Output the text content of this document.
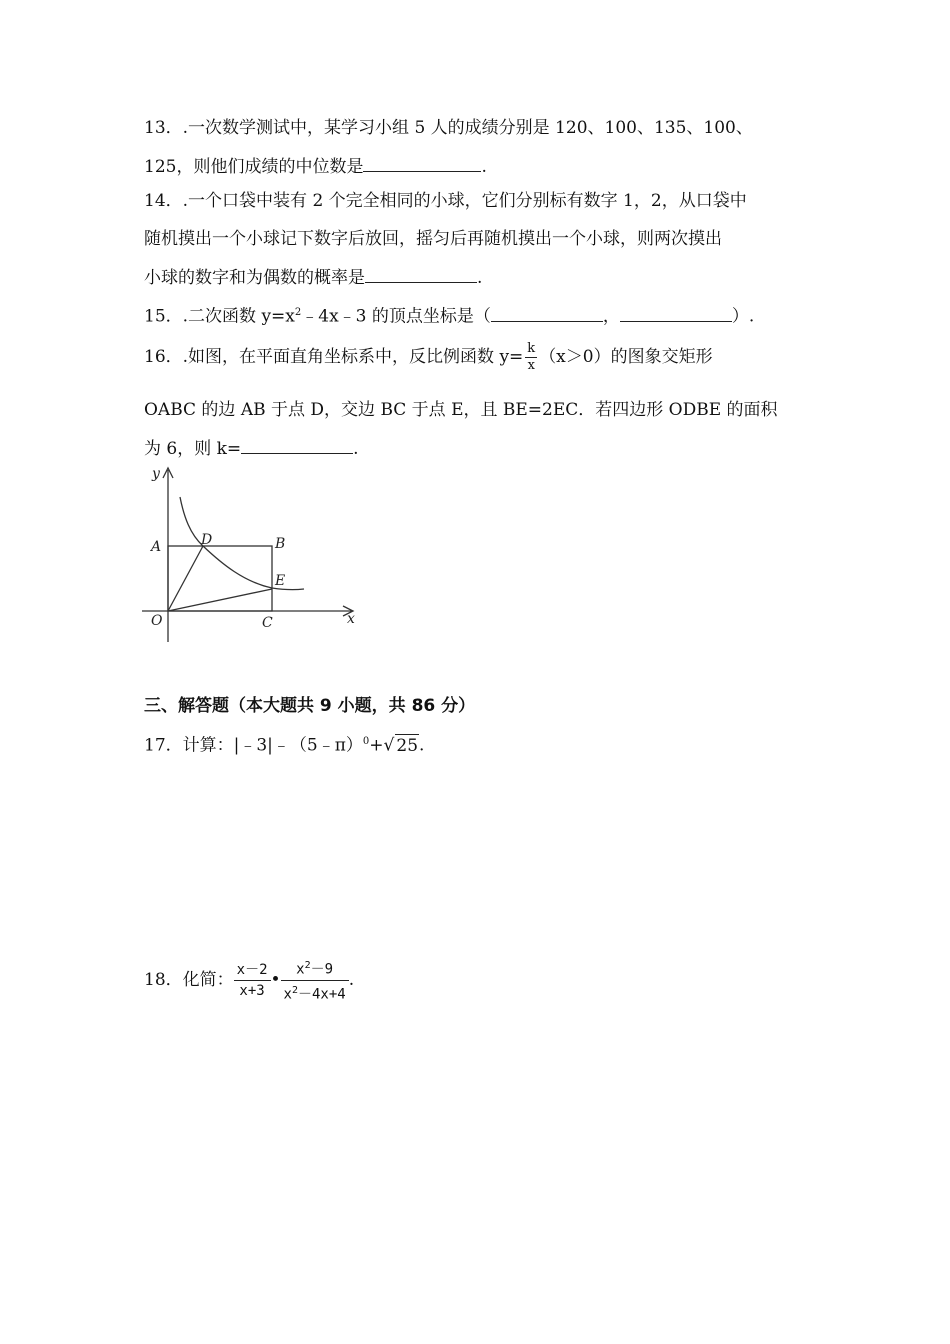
13．.一次数学测试中，某学习小组 5 人的成绩分别是 120、100、135、100、
125，则他们成绩的中位数是	.
14．.一个口袋中装有 2 个完全相同的小球，它们分别标有数字 1，2，从口袋中
随机摸出一个小球记下数字后放回，摇匀后再随机摸出一个小球，则两次摸出
小球的数字和为偶数的概率是	.
15．.二次函数 $y=x^2﹣4x﹣3$ 的顶点坐标是（	，	）.
16．.如图，在平面直角坐标系中，反比例函数 $y= \frac{k}{x} (x>0)$的图象交矩形
OABC 的边 AB 于点 D，交边 BC 于点 E，且 BE=2EC．若四边形 ODBE 的面积
为 6，则 k=	.
y
x
A	B
C
D
E
O
三、解答题（本大题共 9 小题，共 86 分）
17．计算：|﹣3|﹣（5﹣π）$^0$+√ 25.
18．化简： $\frac{x-2}{x+3}$ • $\frac{x^2-9}{x^2-4x+4}$ .
